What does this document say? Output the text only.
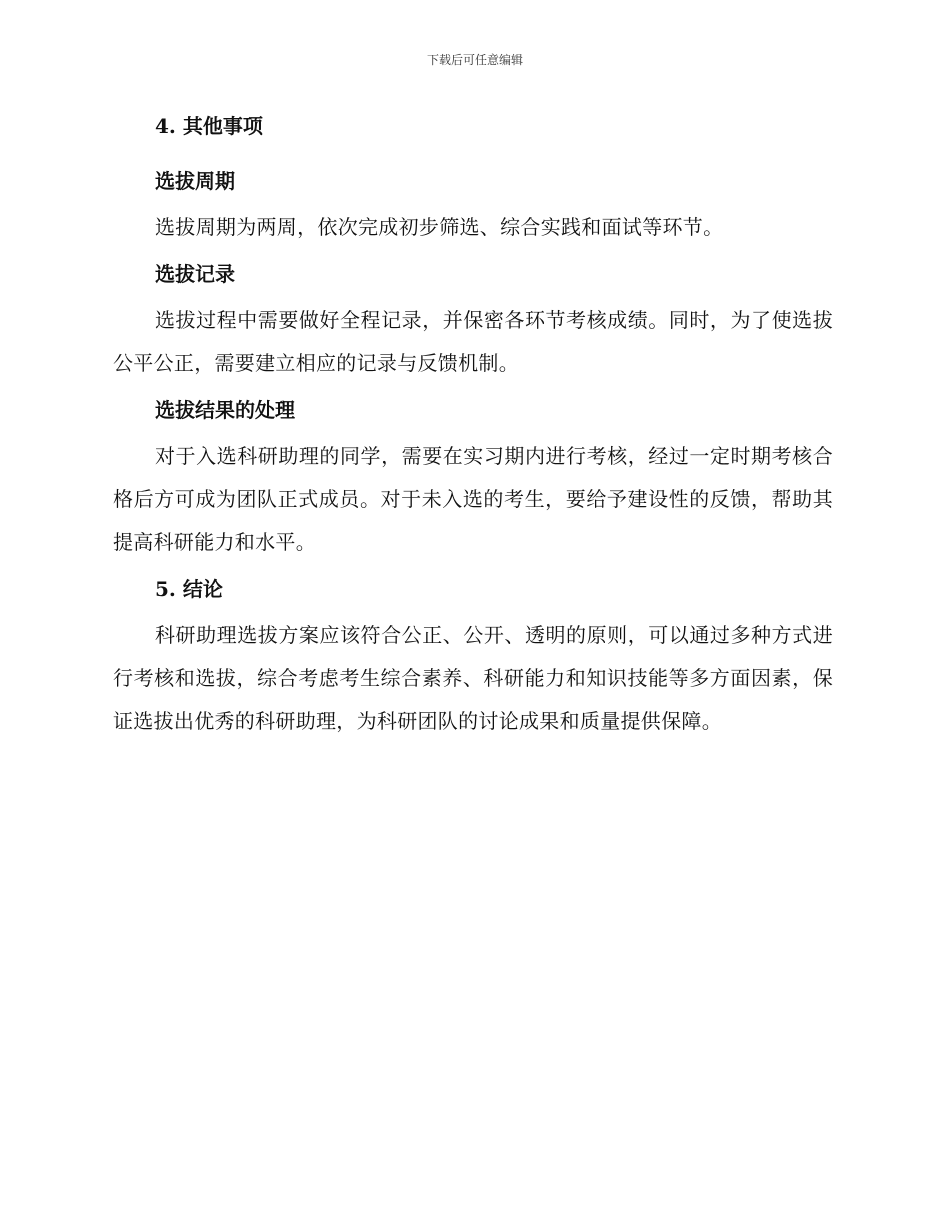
下载后可任意编辑
4. 其他事项
选拔周期

选拔周期为两周，依次完成初步筛选、综合实践和面试等环节。

选拔记录

选拔过程中需要做好全程记录，并保密各环节考核成绩。同时，为了使选拔公平公正，需要建立相应的记录与反馈机制。

选拔结果的处理

对于入选科研助理的同学，需要在实习期内进行考核，经过一定时期考核合格后方可成为团队正式成员。对于未入选的考生，要给予建设性的反馈，帮助其提高科研能力和水平。

5. 结论

科研助理选拔方案应该符合公正、公开、透明的原则，可以通过多种方式进行考核和选拔，综合考虑考生综合素养、科研能力和知识技能等多方面因素，保证选拔出优秀的科研助理，为科研团队的讨论成果和质量提供保障。
